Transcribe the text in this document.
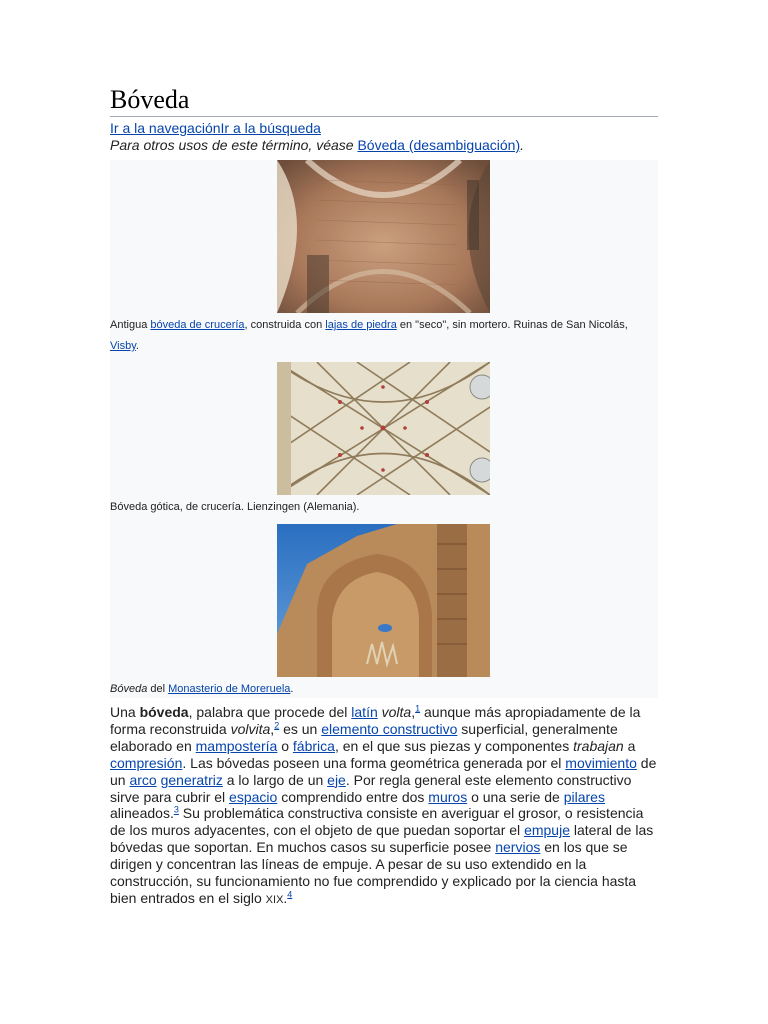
Bóveda
Ir a la navegaciónIr a la búsqueda
Para otros usos de este término, véase Bóveda (desambiguación).
Antigua bóveda de crucería, construida con lajas de piedra en "seco", sin mortero. Ruinas de San Nicolás, Visby.
Bóveda gótica, de crucería. Lienzingen (Alemania).
Bóveda del Monasterio de Moreruela.
Una bóveda, palabra que procede del latín volta,$^1$ aunque más apropiadamente de la forma reconstruida volvita,$^2$ es un elemento constructivo superficial, generalmente elaborado en mampostería o fábrica, en el que sus piezas y componentes trabajan a compresión. Las bóvedas poseen una forma geométrica generada por el movimiento de un arco generatriz a lo largo de un eje. Por regla general este elemento constructivo sirve para cubrir el espacio comprendido entre dos muros o una serie de pilares alineados.$^3$ Su problemática constructiva consiste en averiguar el grosor, o resistencia de los muros adyacentes, con el objeto de que puedan soportar el empuje lateral de las bóvedas que soportan. En muchos casos su superficie posee nervios en los que se dirigen y concentran las líneas de empuje. A pesar de su uso extendido en la construcción, su funcionamiento no fue comprendido y explicado por la ciencia hasta bien entrados en el siglo XIX.$^4$
